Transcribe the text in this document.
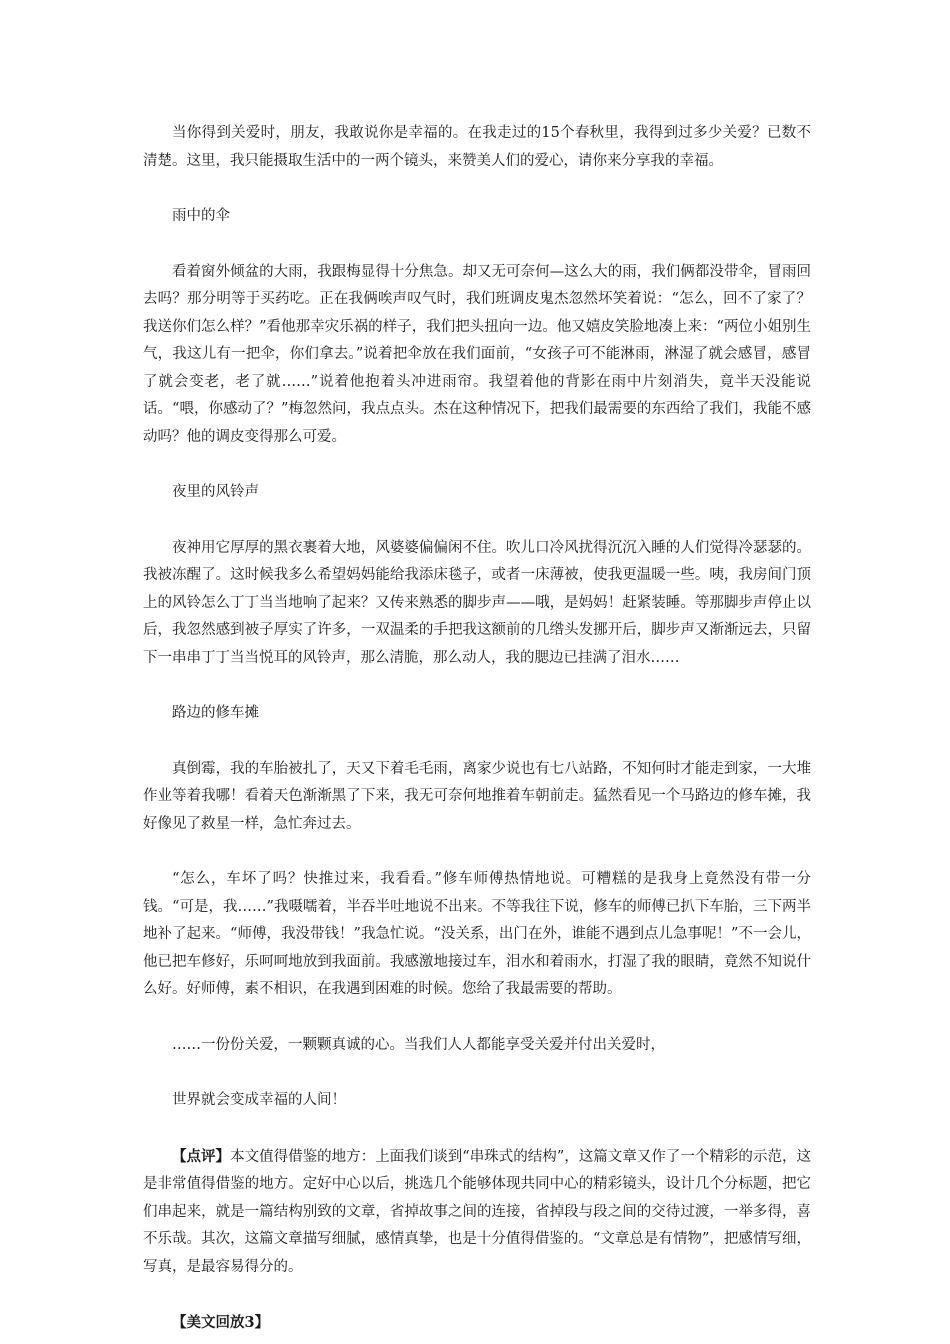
当你得到关爱时，朋友，我敢说你是幸福的。在我走过的15个春秋里，我得到过多少关爱？已数不清楚。这里，我只能摄取生活中的一两个镜头，来赞美人们的爱心，请你来分享我的幸福。

雨中的伞

看着窗外倾盆的大雨，我跟梅显得十分焦急。却又无可奈何—这么大的雨，我们俩都没带伞，冒雨回去吗？那分明等于买药吃。正在我俩唉声叹气时，我们班调皮鬼杰忽然坏笑着说：“怎么，回不了家了？我送你们怎么样？”看他那幸灾乐祸的样子，我们把头扭向一边。他又嬉皮笑脸地凑上来：“两位小姐别生气，我这儿有一把伞，你们拿去。”说着把伞放在我们面前，“女孩子可不能淋雨，淋湿了就会感冒，感冒了就会变老，老了就……”说着他抱着头冲进雨帘。我望着他的背影在雨中片刻消失，竟半天没能说话。“喂，你感动了？”梅忽然问，我点点头。杰在这种情况下，把我们最需要的东西给了我们，我能不感动吗？他的调皮变得那么可爱。

夜里的风铃声

夜神用它厚厚的黑衣裹着大地，风婆婆偏偏闲不住。吹儿口冷风扰得沉沉入睡的人们觉得冷瑟瑟的。我被冻醒了。这时候我多么希望妈妈能给我添床毯子，或者一床薄被，使我更温暖一些。咦，我房间门顶上的风铃怎么丁丁当当地响了起来？又传来熟悉的脚步声——哦，是妈妈！赶紧装睡。等那脚步声停止以后，我忽然感到被子厚实了许多，一双温柔的手把我这额前的几绺头发挪开后，脚步声又渐渐远去，只留下一串串丁丁当当悦耳的风铃声，那么清脆，那么动人，我的腮边已挂满了泪水……

路边的修车摊

真倒霉，我的车胎被扎了，天又下着毛毛雨，离家少说也有七八站路，不知何时才能走到家，一大堆作业等着我哪！看着天色渐渐黑了下来，我无可奈何地推着车朝前走。猛然看见一个马路边的修车摊，我好像见了救星一样，急忙奔过去。

“怎么，车坏了吗？快推过来，我看看。”修车师傅热情地说。可糟糕的是我身上竟然没有带一分钱。“可是，我……”我嗫嚅着，半吞半吐地说不出来。不等我往下说，修车的师傅已扒下车胎，三下两半地补了起来。“师傅，我没带钱！”我急忙说。“没关系，出门在外，谁能不遇到点儿急事呢！”不一会儿，他已把车修好，乐呵呵地放到我面前。我感激地接过车，泪水和着雨水，打湿了我的眼睛，竟然不知说什么好。好师傅，素不相识，在我遇到困难的时候。您给了我最需要的帮助。

……一份份关爱，一颗颗真诚的心。当我们人人都能享受关爱并付出关爱时，

世界就会变成幸福的人间！

【点评】本文值得借鉴的地方：上面我们谈到“串珠式的结构”，这篇文章又作了一个精彩的示范，这是非常值得借鉴的地方。定好中心以后，挑选几个能够体现共同中心的精彩镜头，设计几个分标题，把它们串起来，就是一篇结构别致的文章，省掉故事之间的连接，省掉段与段之间的交待过渡，一举多得，喜不乐哉。其次，这篇文章描写细腻，感情真挚，也是十分值得借鉴的。“文章总是有情物”，把感情写细，写真，是最容易得分的。

【美文回放3】
